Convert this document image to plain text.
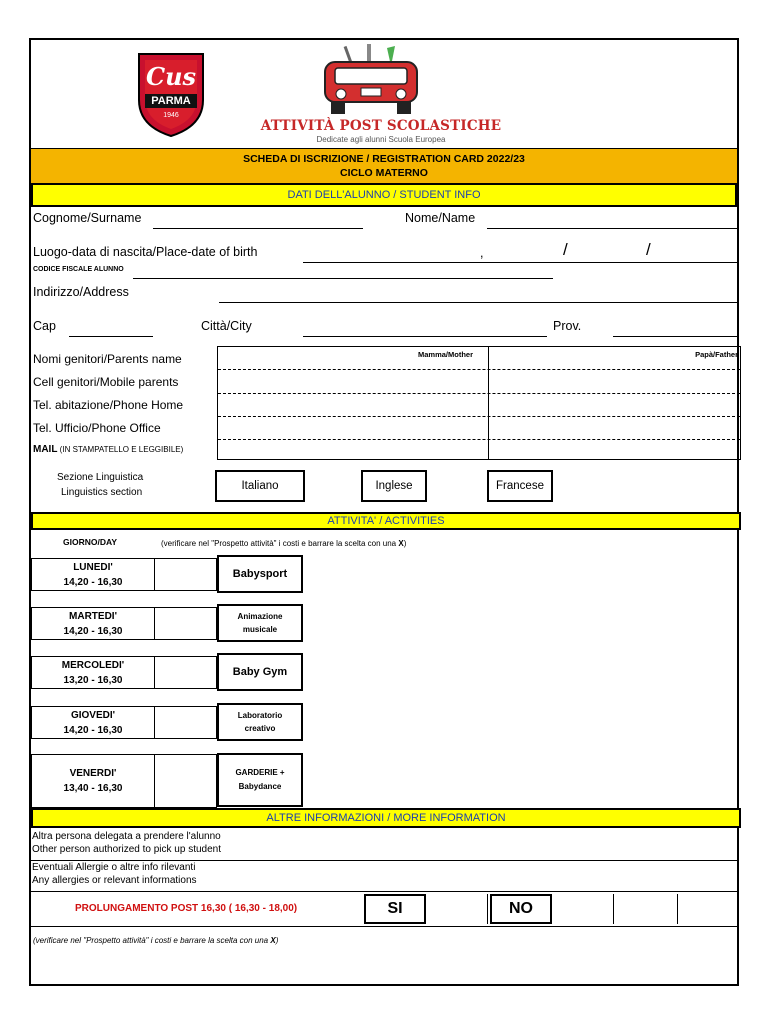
Cus
PARMA
1946
ATTIVITÀ POST SCOLASTICHE
Dedicate agli alunni Scuola Europea
SCHEDA DI ISCRIZIONE / REGISTRATION CARD 2022/23
CICLO MATERNO
DATI DELL'ALUNNO / STUDENT INFO
Cognome/Surname	Nome/Name
Luogo-data di nascita/Place-date of birth	,	/	/
CODICE FISCALE ALUNNO
Indirizzo/Address
Cap	Città/City	Prov.
Nomi genitori/Parents name
Cell genitori/Mobile parents
Tel. abitazione/Phone Home
Tel. Ufficio/Phone Office
MAIL (IN STAMPATELLO E LEGGIBILE)
Mamma/Mother	Papà/Father
Sezione Linguistica
Linguistics section
Italiano	Inglese	Francese
ATTIVITA' / ACTIVITIES
GIORNO/DAY	(verificare nel "Prospetto attività" i costi e barrare la scelta con una X)
LUNEDI'
14,20 - 16,30
Babysport
MARTEDI'
14,20 - 16,30
Animazione musicale
MERCOLEDI'
13,20 - 16,30
Baby Gym
GIOVEDI'
14,20 - 16,30
Laboratorio creativo
VENERDI'
13,40 - 16,30
GARDERIE + Babydance
ALTRE INFORMAZIONI / MORE INFORMATION
Altra persona delegata a prendere l'alunno
Other person authorized to pick up student
Eventuali Allergie o altre info rilevanti
Any allergies or relevant informations
PROLUNGAMENTO POST 16,30 ( 16,30 - 18,00)	SI	NO
(verificare nel "Prospetto attività" i costi e barrare la scelta con una X)
